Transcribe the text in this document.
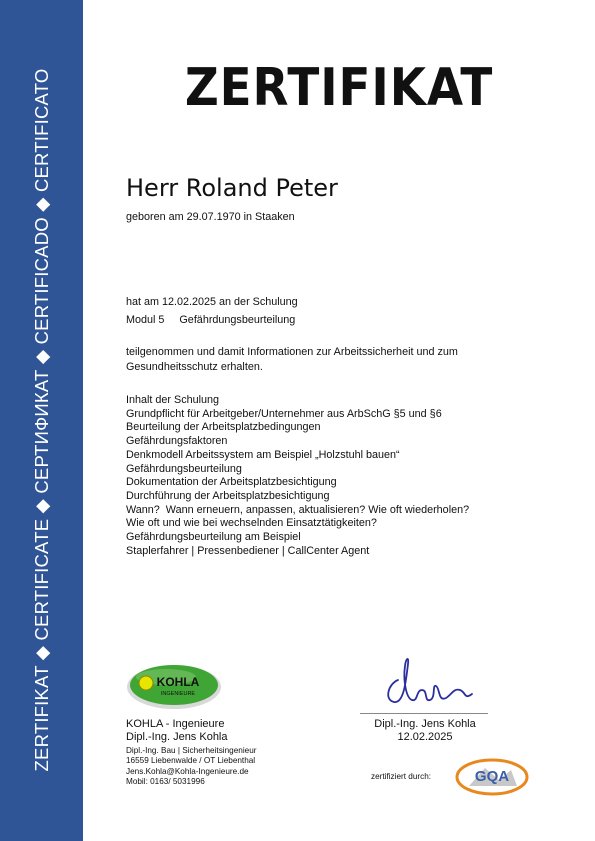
ZERTIFIKAT ◆ CERTIFICATE ◆ СЕРТИФИКАТ ◆ CERTIFICADO ◆ CERTIFICATO	ZERTIFIKAT
Herr Roland Peter
geboren am 29.07.1970 in Staaken
hat am 12.02.2025 an der Schulung
Modul 5     Gefährdungsbeurteilung
teilgenommen und damit Informationen zur Arbeitssicherheit und zum Gesundheitsschutz erhalten.
Inhalt der Schulung
Grundpflicht für Arbeitgeber/Unternehmer aus ArbSchG §5 und §6
Beurteilung der Arbeitsplatzbedingungen
Gefährdungsfaktoren
Denkmodell Arbeitssystem am Beispiel „Holzstuhl bauen“
Gefährdungsbeurteilung
Dokumentation der Arbeitsplatzbesichtigung
Durchführung der Arbeitsplatzbesichtigung
Wann?  Wann erneuern, anpassen, aktualisieren? Wie oft wiederholen?
Wie oft und wie bei wechselnden Einsatztätigkeiten?
Gefährdungsbeurteilung am Beispiel
Staplerfahrer | Pressenbediener | CallCenter Agent
KOHLA
INGENIEURE
KOHLA - Ingenieure
Dipl.-Ing. Jens Kohla
Dipl.-Ing. Bau | Sicherheitsingenieur
16559 Liebenwalde / OT Liebenthal
Jens.Kohla@Kohla-Ingenieure.de
Mobil: 0163/ 5031996
Dipl.-Ing. Jens Kohla
12.02.2025
zertifiziert durch:	GQA
